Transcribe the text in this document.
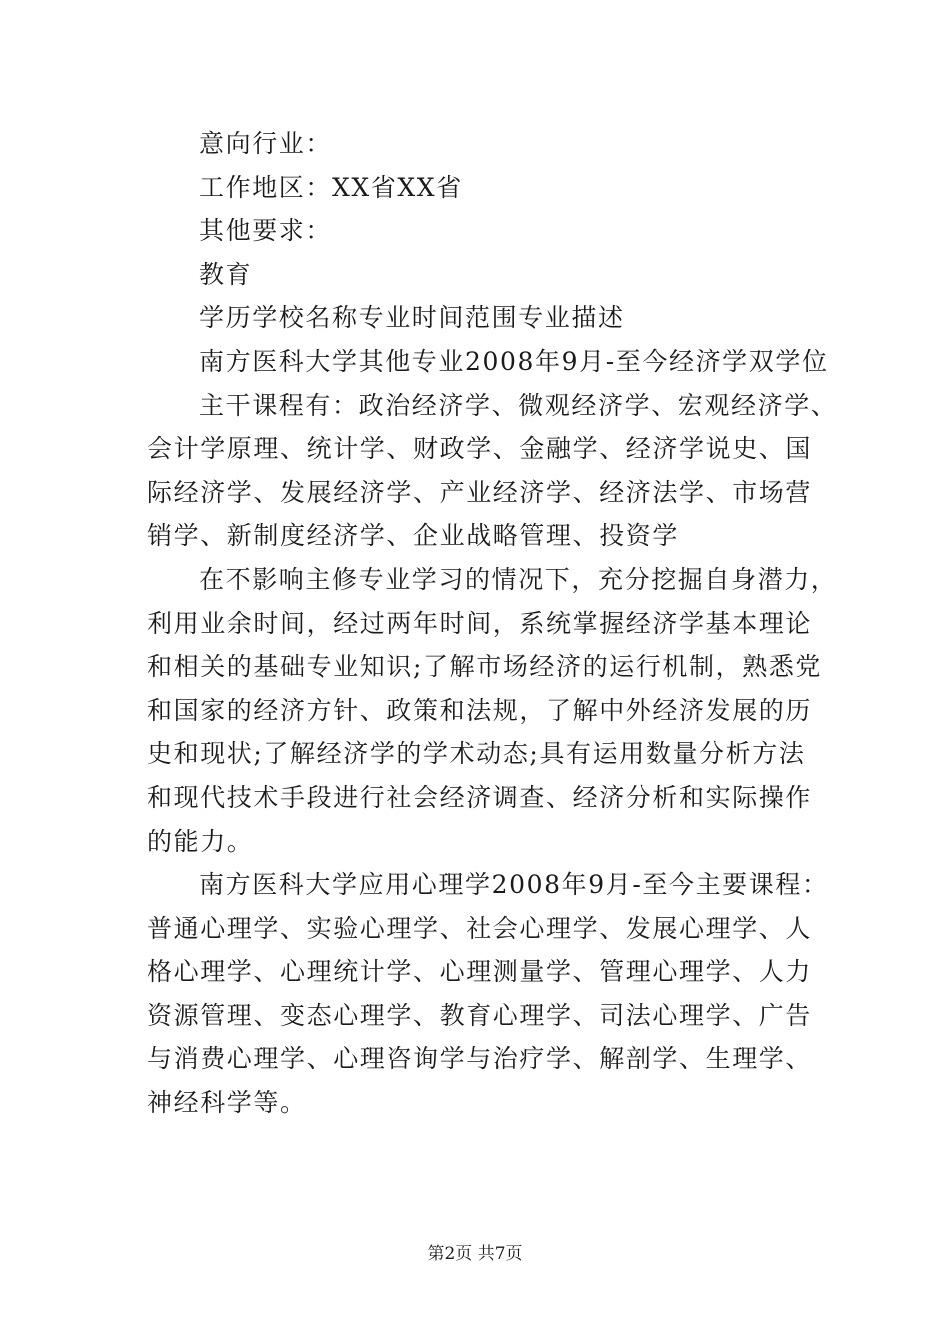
意向行业：
工作地区：XX省XX省
其他要求：
教育
学历学校名称专业时间范围专业描述
南方医科大学其他专业2008年9月-至今经济学双学位
主干课程有：政治经济学、微观经济学、宏观经济学、
会计学原理、统计学、财政学、金融学、经济学说史、国
际经济学、发展经济学、产业经济学、经济法学、市场营
销学、新制度经济学、企业战略管理、投资学
在不影响主修专业学习的情况下，充分挖掘自身潜力，
利用业余时间，经过两年时间，系统掌握经济学基本理论
和相关的基础专业知识;了解市场经济的运行机制，熟悉党
和国家的经济方针、政策和法规，了解中外经济发展的历
史和现状;了解经济学的学术动态;具有运用数量分析方法
和现代技术手段进行社会经济调查、经济分析和实际操作
的能力。
南方医科大学应用心理学2008年9月-至今主要课程：
普通心理学、实验心理学、社会心理学、发展心理学、人
格心理学、心理统计学、心理测量学、管理心理学、人力
资源管理、变态心理学、教育心理学、司法心理学、广告
与消费心理学、心理咨询学与治疗学、解剖学、生理学、
神经科学等。
第2页 共7页
